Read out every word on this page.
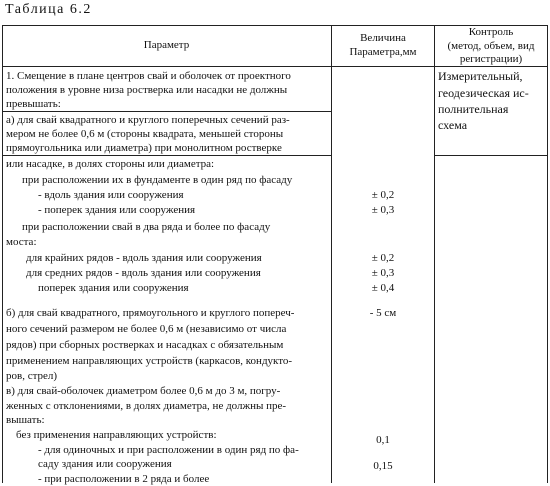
Таблица 6.2
Параметр
Величина
Параметра,мм
Контроль
(метод, объем, вид
регистрации)
Измерительный,
геодезическая ис-
полнительная
схема
1. Смещение в плане центров свай и оболочек от проектного
положения в уровне низа ростверка или насадки не должны
превышать:
а) для свай квадратного и круглого поперечных сечений раз-
мером не более 0,6 м (стороны квадрата, меньшей стороны
прямоугольника или диаметра) при монолитном ростверке
или насадке, в долях стороны или диаметра:
при расположении их в фундаменте в один ряд по фасаду
- вдоль здания или сооружения
- поперек здания или сооружения
при расположении свай в два ряда и более по фасаду
моста:
для крайних рядов - вдоль здания или сооружения
для средних рядов - вдоль здания или сооружения
поперек здания или сооружения
б) для свай квадратного, прямоугольного и круглого попереч-
ного сечений размером не более 0,6 м (независимо от числа
рядов) при сборных ростверках и насадках с обязательным
применением направляющих устройств (каркасов, кондукто-
ров, стрел)
в) для свай-оболочек диаметром более 0,6 м до 3 м, погру-
женных с отклонениями, в долях диаметра, не должны пре-
вышать:
без применения направляющих устройств:
- для одиночных и при расположении в один ряд по фа-
саду здания или сооружения
- при расположении в 2 ряда и более
± 0,2
± 0,3
± 0,2
± 0,3
± 0,4
- 5 см
0,1
0,15
